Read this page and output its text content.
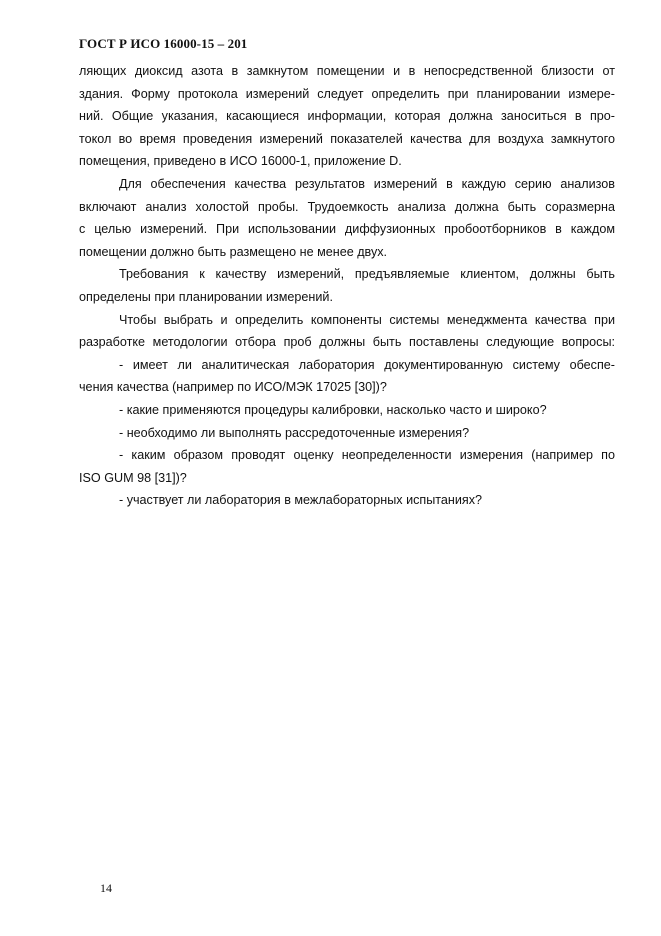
ГОСТ Р ИСО 16000-15 – 201
ляющих диоксид азота в замкнутом помещении и в непосредственной близости от
здания. Форму протокола измерений следует определить при планировании измере-
ний. Общие указания, касающиеся информации, которая должна заноситься в про-
токол во время проведения измерений показателей качества для воздуха замкнутого
помещения, приведено в ИСО 16000-1, приложение D.
Для обеспечения качества результатов измерений в каждую серию анализов
включают анализ холостой пробы. Трудоемкость анализа должна быть соразмерна
с целью измерений. При использовании диффузионных пробоотборников в каждом
помещении должно быть размещено не менее двух.
Требования к качеству измерений, предъявляемые клиентом, должны быть
определены при планировании измерений.
Чтобы выбрать и определить компоненты системы менеджмента качества при
разработке методологии отбора проб должны быть поставлены следующие вопросы:
- имеет ли аналитическая лаборатория документированную систему обеспе-
чения качества (например по ИСО/МЭК 17025 [30])?
- какие применяются процедуры калибровки, насколько часто и широко?
- необходимо ли выполнять рассредоточенные измерения?
- каким образом проводят оценку неопределенности измерения (например по
ISO GUM 98 [31])?
- участвует ли лаборатория в межлабораторных испытаниях?
14
